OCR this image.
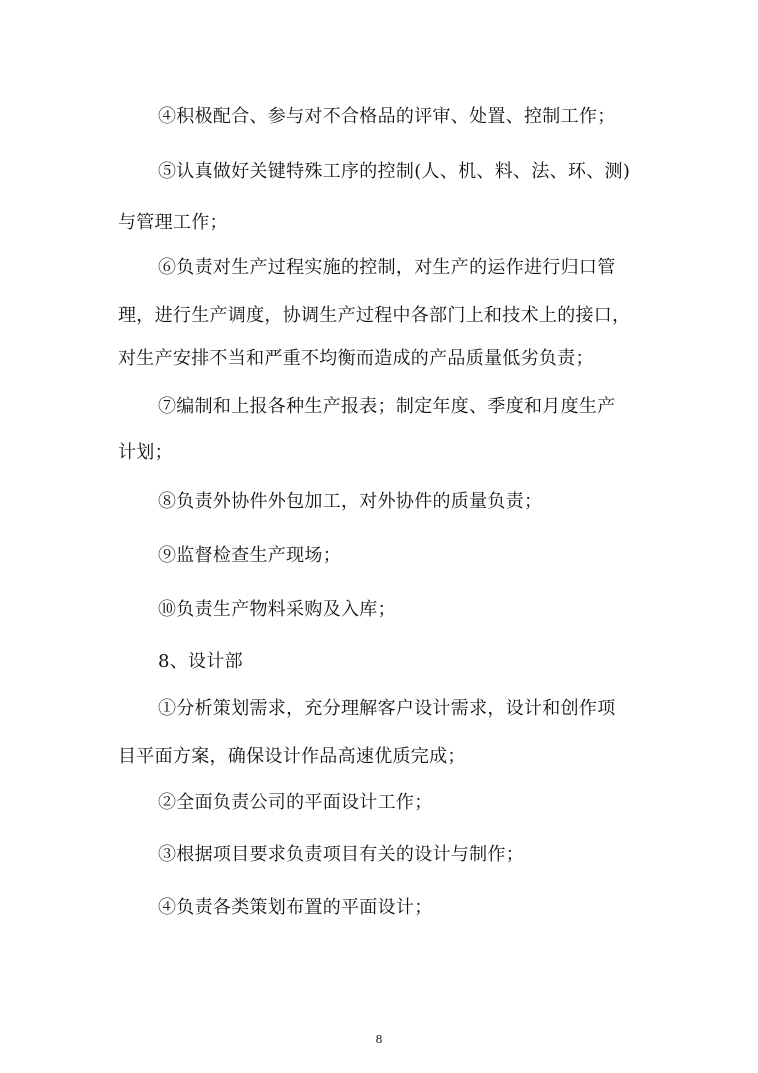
④积极配合、参与对不合格品的评审、处置、控制工作；
⑤认真做好关键特殊工序的控制(人、机、料、法、环、测)
与管理工作；
⑥负责对生产过程实施的控制，对生产的运作进行归口管
理，进行生产调度，协调生产过程中各部门上和技术上的接口，
对生产安排不当和严重不均衡而造成的产品质量低劣负责；
⑦编制和上报各种生产报表；制定年度、季度和月度生产
计划；
⑧负责外协件外包加工，对外协件的质量负责；
⑨监督检查生产现场；
⑩负责生产物料采购及入库；
8、设计部
①分析策划需求，充分理解客户设计需求，设计和创作项
目平面方案，确保设计作品高速优质完成；
②全面负责公司的平面设计工作；
③根据项目要求负责项目有关的设计与制作；
④负责各类策划布置的平面设计；
8
